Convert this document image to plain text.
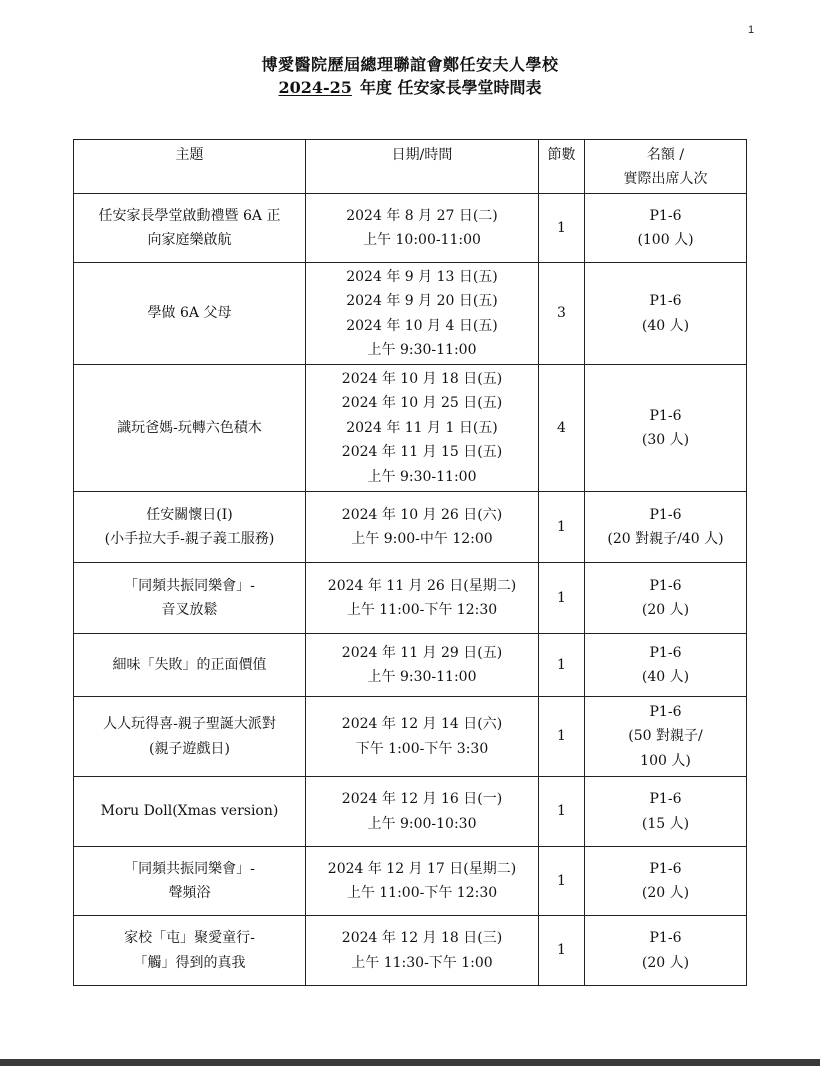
1
博愛醫院歷屆總理聯誼會鄭任安夫人學校
2024-25 年度 任安家長學堂時間表
主題	日期/時間	節數	名額 /
實際出席人次

任安家長學堂啟動禮暨 6A 正
向家庭樂啟航	2024 年 8 月 27 日(二)
上午 10:00-11:00	1	P1-6
(100 人)

學做 6A 父母	2024 年 9 月 13 日(五)
2024 年 9 月 20 日(五)
2024 年 10 月 4 日(五)
上午 9:30-11:00	3	P1-6
(40 人)

識玩爸媽-玩轉六色積木	2024 年 10 月 18 日(五)
2024 年 10 月 25 日(五)
2024 年 11 月 1 日(五)
2024 年 11 月 15 日(五)
上午 9:30-11:00	4	P1-6
(30 人)

任安關懷日(I)
(小手拉大手-親子義工服務)	2024 年 10 月 26 日(六)
上午 9:00-中午 12:00	1	P1-6
(20 對親子/40 人)

「同頻共振同樂會」-
音叉放鬆	2024 年 11 月 26 日(星期二)
上午 11:00-下午 12:30	1	P1-6
(20 人)

細味「失敗」的正面價值	2024 年 11 月 29 日(五)
上午 9:30-11:00	1	P1-6
(40 人)

人人玩得喜-親子聖誕大派對
(親子遊戲日)	2024 年 12 月 14 日(六)
下午 1:00-下午 3:30	1	P1-6
(50 對親子/
100 人)

Moru Doll(Xmas version)	2024 年 12 月 16 日(一)
上午 9:00-10:30	1	P1-6
(15 人)

「同頻共振同樂會」-
聲頻浴	2024 年 12 月 17 日(星期二)
上午 11:00-下午 12:30	1	P1-6
(20 人)

家校「屯」聚愛童行-
「觸」得到的真我	2024 年 12 月 18 日(三)
上午 11:30-下午 1:00	1	P1-6
(20 人)
